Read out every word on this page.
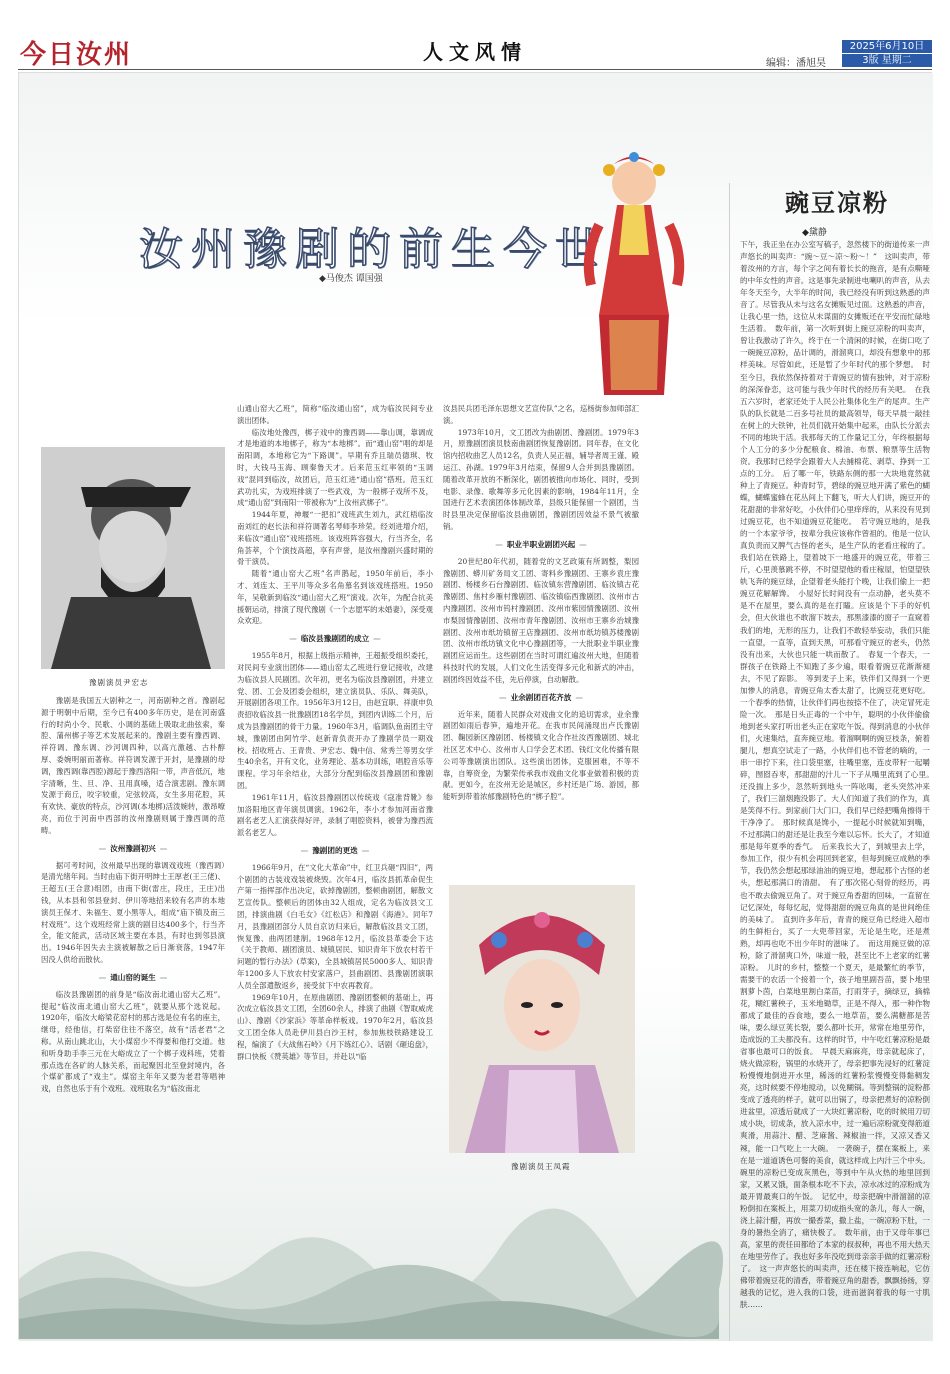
今日汝州	人文风情	编辑：潘旭昊
2025年6月10日
3版 星期二
汝州豫剧的前生今世
◆马俊杰 谭国强
豫剧演员尹宏志

豫剧是我国五大剧种之一，河南剧种之首。豫剧起源于明朝中后期，至今已有400多年历史，是在河南盛行的时尚小令、民歌、小调的基础上吸取北曲弦索，秦腔、蒲州梆子等艺术发展起来的。豫剧主要有豫西调、祥符调、豫东调、沙河调四种，以高亢激越、古朴醇厚、委婉明丽而著称。祥符调发源于开封，是豫剧的母调，豫西调(靠西腔)源起于豫西洛阳一带，声音低沉，地字清晰，生、旦、净、丑用真嗓，适合演悲剧。豫东调发源于商丘，咬字较重，定弦较高，女生多用花腔，其有欢快、豪放的特点，沙河调(本地梆)活泼婉转，激昂嘹亮，而位于河南中西部的汝州豫剧则属于豫西调的范畴。

— 汝州豫剧初兴 —

据可考时间，汝州最早出现的靠调戏戏班（豫西调）是清光绪年间。当时由庙下街开明绅士王厚老(王三佬)、王超五(王合意)组团，由南下街(雷庄，段庄，王庄)出钱，从本县和邻县登封、伊川等地招来较有名声的本地演员王保才、朱福生、夏小黑等人，组成“庙下镇及南三村戏班”。这个戏班经常上演的剧目达400多个，行当齐全，能文能武，活动区域主要在本县，有时也到邻县演出。1946年因失去主演被解散之后日渐衰落，1947年因没人供给而散伙。

— 通山窑的诞生 —

临汝县豫剧团的前身是“临汝南北通山窑大乙班”。提起“临汝南北通山窑大乙班”，就要从那个选说起。1920年，临汝大峪梁花窑村的那古选是位有名的座主，继母，经他信，打柴窑住往不落空，故有“活老君”之称。从南山跳北山，大小煤窑少不得要和他打交道。他和听身助手李三元在大峪成立了一个梆子戏科班，凭着那点选在各矿的人脉关系，而起聚因北至登封境内，各个煤矿都成了“戏主”。煤窑主年年又要为老君等唱神戏，自然也乐于有个戏班。戏班取名为“临汝南北

山通山窑大乙班”，简称“临汝通山窑”，成为临汝民间专业演出团体。

临汝地处豫西，梆子戏中的豫西调——靠山调，靠调成才是地道的本地梆子，称为“本地梆”。而“通山窑”唱的却是南阳调，本地称它为“下路调”。早期有乔且瑞员德琪、牧时，大钱马玉海、顾秦鲁天才。后来范玉红率领的“玉调戏”混同到临汝，故团后，范玉红进“通山窑”搭班。范玉红武功扎实，为戏班排演了一些武戏，为一般梆子戏所不及，成“通山窑”到南阳一带被称为“上汝州武梆子”。

1944年夏，神堰“一把扣”戏班武生刘九，武红梧临汝南刘红的赵长法和祥符调著名琴师李珍荣。经刘进增介绍，来临汝“通山窑”戏班搭班。该戏班阵容强大，行当齐全，名角荟萃，个个演技高超，享有声誉，是汝州豫剧兴盛时期的骨干演员。

随着“通山窑大乙班”名声鹊起，1950年前后，李小才、刘连太、王平川等众多名角慕名到该戏班搭班。1950年，吴敬新到临汝“通山窑大乙班”演戏。次年，为配合抗美援朝运动，排演了现代豫剧《一个志愿军的未婚妻》，深受观众欢迎。

— 临汝县豫剧团的成立 —

1955年8月，根据上级指示精神，王超振受组织委托，对民间专业演出团体——通山窑太乙班进行登记接收，改建为临汝县人民剧团。次年初，更名为临汝县豫剧团，并建立党、团、工会及团委会组织，建立演员队、乐队、舞美队，开展剧团各项工作。1956年3月12日，由赵宜职、祥康申负责招收临汝县一批豫剧团18名学员，到团内训练二个月，后成为县豫剧团的骨干力量。1960年3月，临调队鱼南团主守城，豫剧团由阿竹学、赵新青负责开办了豫剧学员一期戏校。招收班占、王青贵、尹宏志、魏中信、常秀兰等男女学生40余名，开有文化，业务理论、基本功训练，唱腔音乐等课程。学习年余结业，大部分分配到临汝县豫剧团和豫剧团。

1961年11月，临汝县豫剧团以传统戏《寇准背靴》参加洛阳地区青年演员调演。1962年，李小才参加河南省豫剧名老艺人汇演获得好评，录制了唱腔资料，被誉为豫西流派名老艺人。

— 豫剧团的更迭 —

1966年9月，在“文化大革命”中，红卫兵砸“四旧”，两个剧团的古装戏戏装被烧毁。次年4月，临汝县抓革命促生产第一指挥部作出决定，砍掉豫剧团，整顿曲剧团，解散文艺宣传队。整顿后的团体由32人组成，定名为临汝县文工团，排演曲剧《白毛女》《红松店》和豫剧《海港》。同年7月，县豫剧团部分人员自京访归来后，解散临汝县文工团，恢复豫、曲两团建制。1968年12月，临汝县革委会下达《关于教师、剧团演员、城镇居民、知识青年下放农村若干问题的暂行办法》(草案)，全县城镇居民5000多人、知识青年1200多人下放农村安家落户，县曲剧团、县豫剧团演职人员全部遣散返乡，接受贫下中农再教育。

1969年10月，在原曲剧团、豫剧团整顿的基础上，再次成立临汝县文工团，全团60余人，排演了曲剧《智取威虎山》、豫剧《沙家浜》等革命样板戏。1970年2月，临汝县文工团全体人员赴伊川县白沙王村，参加焦枝铁路建设工程，编演了《大战焦石岭》《月下练红心》、话剧《砸追盘》，群口快板《赞英雄》等节目，并赴以“临

汝县民兵团毛泽东思想文艺宣传队”之名，巡杨街参加师部汇演。

1973年10月，文工团改为曲剧团、豫剧团。1979年3月，原豫剧团演员肢南曲剧团恢复豫剧团。同年春，在文化馆内招收曲艺人员12名，负责人吴正福，辅导者周王谨、殿运江、孙湖。1979年3月结束，保留9人合并到县豫剧团。随着改革开放的不断深化，剧团被推向市场化、同时，受到电影、录像、歌舞等多元化因素的影响，1984年11月，全国进行艺术表演团体体制改革，县级只能保留一个剧团，当时县里决定保留临汝县曲剧团，豫剧团因效益不景气被撤销。

— 职业半职业剧团兴起 —

20世纪80年代初，随着党的文艺政策有所调整，梨园豫剧团、蟒川矿务局文工团、寄料乡豫剧团、王寨乡袁庄豫剧团、杨楼乡石台豫剧团、临汝镇东营豫剧团、临汝镇古花豫剧团、焦村乡雁村豫剧团、临汝镇临西豫剧团、汝州市古内豫剧团、汝州市钨村豫剧团、汝州市紫园情豫剧团、汝州市梨园情豫剧团、汝州市青年豫剧团、汝州市王寨乡治城豫剧团、汝州市纸坊镇留王店豫剧团、汝州市纸坊镇苏楼豫剧团、汝州市纸坊镇文化中心豫剧团等，一大批职业半职业豫剧团应运而生。这些剧团在当时可谓红遍汝州大地，但随着科技时代的发展，人们文化生活变得多元化和新式的冲击，剧团终因效益不佳，先后停演，自动解散。

— 业余剧团百花齐放 —

近年来，随着人民群众对戏曲文化的追切需求，业余豫剧团如雨后春笋，遍地开花。在我市民间涌现出卢氏豫剧团、鞠园新区豫剧团、杨楼镇文化合作社汝西豫剧团、城北社区艺术中心、汝州市人口学会艺术团、钱红文化传播有限公司等豫剧演出团队。这些演出团体，克服困难，不等不靠，自筹资金，为繁荣传承我市戏曲文化事业做着积极的贡献。更如今，在汝州无论是城区，乡村还是广场、游园，都能听到带着浓郁豫剧特色的“梆子腔”。

豫剧演员王凤霞
豌豆凉粉
◆黛静
下午，我正坐在办公室写稿子，忽然楼下的街道传来一声声悠长的叫卖声：“豌～豆～凉～粉～！”　这叫卖声，带着汝州的方言，每个字之间有着长长的拖音，是有点嘶哑的中年女性的声音。这是事先录制进电喇叭的声音，从去年冬天至今，大半年的时间，我已经没有听到这熟悉的声音了。尽管我从未与这名女摊贩见过面。这熟悉的声音，让我心里一热，这位从未谋面的女摊贩还在平安而忙碌地生活着。　数年前，第一次听到街上豌豆凉粉的叫卖声，曾让我激动了许久，终于在一个清闲的时候，在街口吃了一碗豌豆凉粉，品计调的，滑溜爽口，却没有想象中的那样美味。尽管如此，还是暂了少年时代的那个梦想。　时至今日，我依然保持着对于青豌豆的情有独钟，对于凉粉的深深眷恋，这可能与我少年时代的经历有关吧。　在我五六岁时，老家还处于人民公社集体化生产的尾声。生产队的队长就是二百多号社员的最高领导，每天早晨一敲挂在树上的大铁钟，社员们就开始集中起来，由队长分派去不同的地块干活。我那每天的工作量记工分，年终根据每个人工分的多少分配粮食、棉油、布票、粮票等生活物资。我那时已经学会跟着大人去捕棉花、剥草、挣到一工点的工分。　后了哪一年，铁路东侧的那一大块地竟然就种上了青豌豆。种青时节，碧绿的豌豆地开满了紫色的蝴蝶，蝴蝶蜜蜂在花丛间上下翻飞，听大人们讲，豌豆开的花甜甜的非常好吃，小伙伴们心里痒痒的，从来没有见到过豌豆花，也不知道豌豆花能吃。　若守豌豆地的，是我的一个本家爷爷，按辈分我应该称作曾祖的。他是一位认真负责而又脾气古怪的老头，是生产队的老看庄稼的了。我们站在铁路上，望着坡下一地盛开的豌豆花，带着三斤，心里羡慕跳不停，不时望望他的看庄稼屋，怕望望铁轨飞奔的豌豆绿，企望着老头能打个晚，让我们偷上一把豌豆花解解馋。　小屋好长时间没有一点动静，老头莫不是不在屋里，要么真的是在打瞌。应该是个下手的好机会，但大伙谁也不敢溜下坡去，那黑漆漆的窗子一直窥着我们的地，无形的压力，让我们不敢轻举妄动，我们只能一直望，一直等，直到天黑，可那看守豌豆的老头，仍然没有出来，大伙也只能一哄而散了。　春复一个春天，一群孩子在铁路上不知跑了多少遍，眼看着豌豆花渐渐褪去，不见了踪影。　等到麦子上来，铁伴们又得到一个更加惨人的消息，青豌豆角太香太甜了，比豌豆花更好吃。一个春季的热情，让伙伴们再也按捺不住了，决定冒死走险一次。　那是日头正毒的一个中午，聪明的小伙伴偷偷地到老头家打听出老头正在家吃午饭。得到消息的小伙伴们，火速集结，直奔豌豆地。着溜啊啊的豌豆枝条，俯着腿儿，想真空试走了一路，小伙伴们也不管老的嘀的，一串一串拧下来，往口袋里塞，往嘴里塞，连皮带籽一起嚼碎，囫囵吞枣，那甜甜的汁儿一下子从嘴里流到了心里。　还没揣上多少，忽然听到地头一阵吆喝，老头突然冲来了，我们三溜烟跑没影了。大人们知道了我们的作为，真是笑得不行。到家前门大门口，我们早已经把嘴角擦得干干净净了。　那时候真是馋小，一提起小时候就知到嘴，不过那满口的甜还是让我至今难以忘怀。长大了，才知道那是每年夏季的香气。　后来我长大了，到城里去上学，参加工作，很少有机会再回到老家，但每到豌豆成熟的季节，我仍然会想起那绿油油的豌豆地，想起那个古怪的老头，想起那满口的清甜。　有了那次铭心刻骨的经历，再也不敢去偷豌豆角了。对于豌豆角香甜的回味，一直留在记忆深处，每每忆起，觉得甜甜的豌豆角真的是世间绝佳的美味了。　直到许多年后，青青的豌豆角已经进入超市的生鲜柜台，买了一大兜带回家，无论是生吃，还是煮熟，却再也吃不出少年时的滋味了。　而这用豌豆做的凉粉，除了滑溜爽口外，味道一般，甚至比不上老家的红薯凉粉。　儿时的乡村，整整一个夏天，是最繁忙的季节，需要干的农活一个接着一个，孩子地里副吾苗，要卜地里割萝卜茵，白菜地里割白菜苗，打雨芽子，摘绿豆，摘棉花，糊红薯秧子，玉米地锄草，正是不得入，那一种作物都成了最佳的吞食地，要么一地草苗，要么满糖都是苦味，要么绿豆荚长裂，要么都叶长开，常常在地里劳作，造成饭的工夫都没有。这样的时节，中午吃红薯凉粉是最省事也最可口的饭食。　早晨天麻麻亮，母亲就起床了，烧火做凉粉，锅里的水烧开了，母亲把事先浸好的红薯淀粉慢慢地倒进开水里，稀汤的红薯粉浆慢慢变得黏稠发亮，这时候要不停地搅动，以免糊锅。等到整锅的淀粉都变成了透亮的样子，就可以出锅了，母亲把煮好的凉粉倒进盆里，凉透后就成了一大块红薯凉粉，吃的时候用刀切成小块，切成条，放入凉水中，过一遍后凉粉就变得筋道爽滑，用蒜汁、醋、芝麻酱、辣椒油一拌，又凉又香又辣，能一口气吃上一大碗。　一袭碗子，摆在案板上，来在是一道道诱色可餐的美食，就这样成上内汁三个中头。碗里的凉粉已变成灰黑色，等到中午从火热的地里回到家，又累又饿，面条根本吃不下去，凉水冰过的凉粉成为最开胃最爽口的午饭。　记忆中，母亲把碗中滑溜溜的凉粉倒扣在案板上，用菜刀切成指头宽的条儿，每人一碗，浇上蒜汁醋，再放一撮香菜，撒上盐，一碗凉粉下肚，一身的暑热全消了，痛快极了。　数年前，由于又母年事已高，家里的责任田都给了本家的叔叔种，再也不用大热天在地里劳作了。我也好多年没吃到母亲亲手做的红薯凉粉了。　这一声声悠长的叫卖声，还在楼下接连响起，它仿佛带着豌豆花的清香，带着豌豆角的甜香，飘飘扬扬，穿越我的记忆，进入我的口袋，进而滋润着我的每一寸肌肤……
